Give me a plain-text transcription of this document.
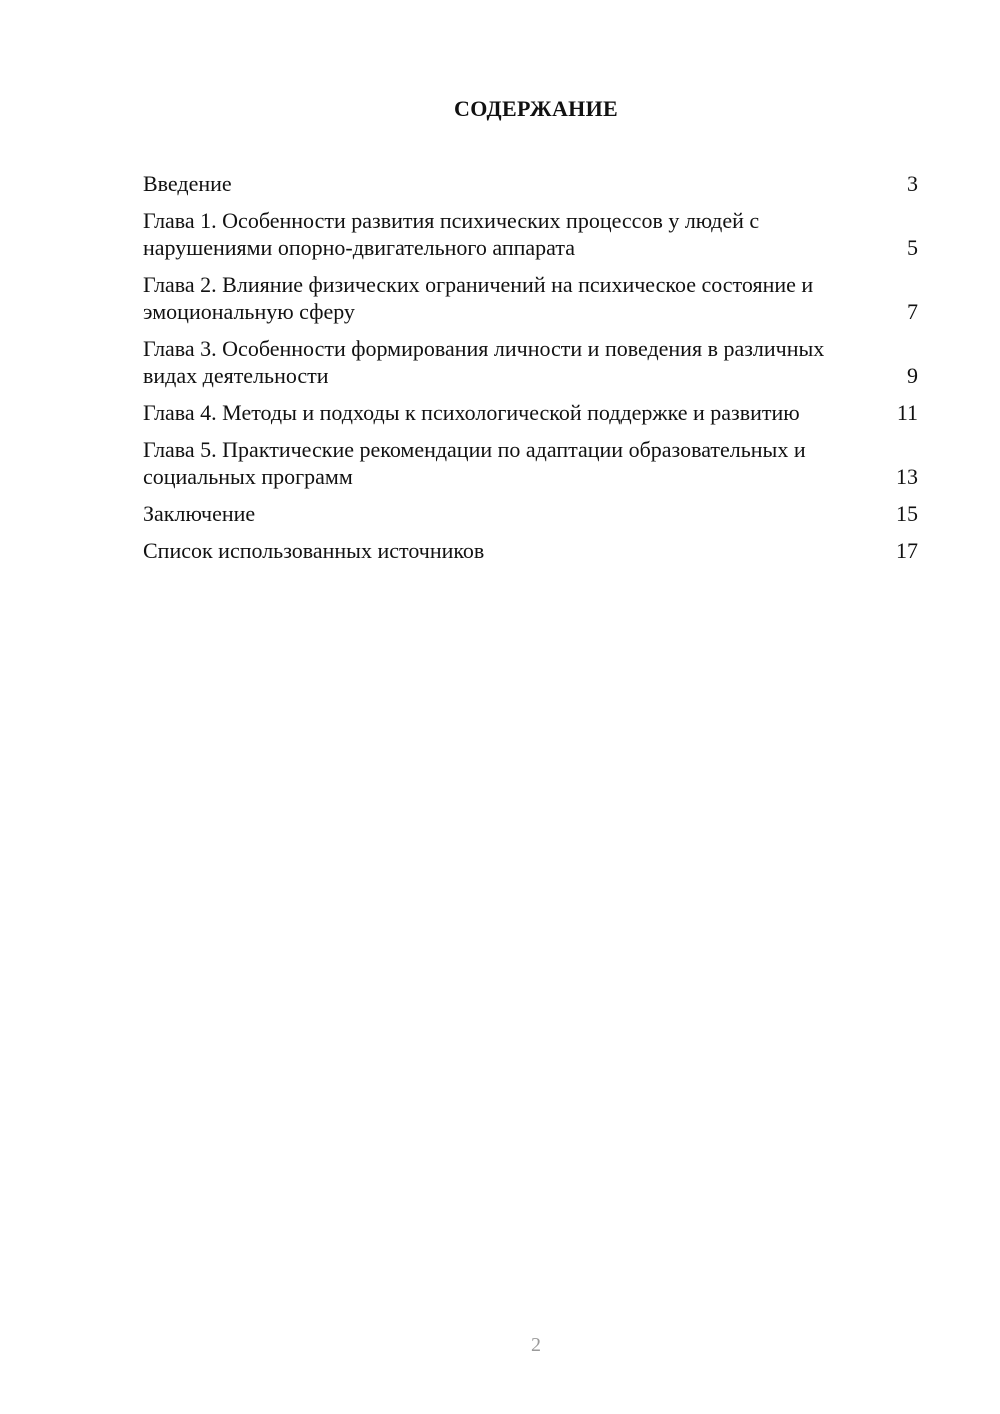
СОДЕРЖАНИЕ
Введение	3
Глава 1. Особенности развития психических процессов у людей с нарушениями опорно-двигательного аппарата	5
Глава 2. Влияние физических ограничений на психическое состояние и эмоциональную сферу	7
Глава 3. Особенности формирования личности и поведения в различных видах деятельности	9
Глава 4. Методы и подходы к психологической поддержке и развитию	11
Глава 5. Практические рекомендации по адаптации образовательных и социальных программ	13
Заключение	15
Список использованных источников	17
2
